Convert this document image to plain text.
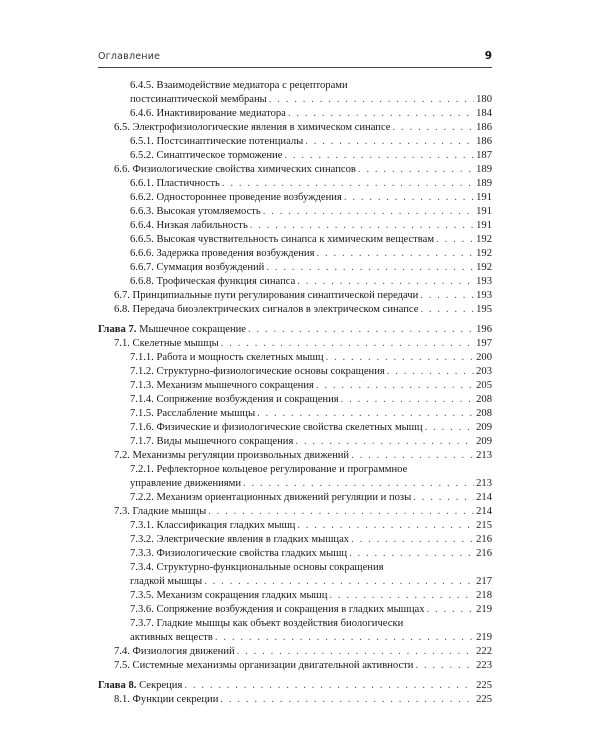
Оглавление	9
6.4.5. Взаимодействие медиатора с рецепторами
постсинаптической мембраны . . .	180
6.4.6. Инактивирование медиатора . . .	184
6.5. Электрофизиологические явления в химическом синапсе . . .	186
6.5.1. Постсинаптические потенциалы . . .	186
6.5.2. Синаптическое торможение . . .	187
6.6. Физиологические свойства химических синапсов . . .	189
6.6.1. Пластичность . . .	189
6.6.2. Одностороннее проведение возбуждения . . .	191
6.6.3. Высокая утомляемость . . .	191
6.6.4. Низкая лабильность . . .	191
6.6.5. Высокая чувствительность синапса к химическим веществам . . .	192
6.6.6. Задержка проведения возбуждения . . .	192
6.6.7. Суммация возбуждений . . .	192
6.6.8. Трофическая функция синапса . . .	193
6.7. Принципиальные пути регулирования синаптической передачи . . .	193
6.8. Передача биоэлектрических сигналов в электрическом синапсе . . .	195
Глава 7. Мышечное сокращение . . .	196
7.1. Скелетные мышцы . . .	197
7.1.1. Работа и мощность скелетных мышц . . .	200
7.1.2. Структурно-физиологические основы сокращения . . .	203
7.1.3. Механизм мышечного сокращения . . .	205
7.1.4. Сопряжение возбуждения и сокращения . . .	208
7.1.5. Расслабление мышцы . . .	208
7.1.6. Физические и физиологические свойства скелетных мышц . . .	209
7.1.7. Виды мышечного сокращения . . .	209
7.2. Механизмы регуляции произвольных движений . . .	213
7.2.1. Рефлекторное кольцевое регулирование и программное
управление движениями . . .	213
7.2.2. Механизм ориентационных движений регуляции и позы . . .	214
7.3. Гладкие мышцы . . .	214
7.3.1. Классификация гладких мышц . . .	215
7.3.2. Электрические явления в гладких мышцах . . .	216
7.3.3. Физиологические свойства гладких мышц . . .	216
7.3.4. Структурно-функциональные основы сокращения
гладкой мышцы . . .	217
7.3.5. Механизм сокращения гладких мышц . . .	218
7.3.6. Сопряжение возбуждения и сокращения в гладких мышцах . . .	219
7.3.7. Гладкие мышцы как объект воздействия биологически
активных веществ . . .	219
7.4. Физиология движений . . .	222
7.5. Системные механизмы организации двигательной активности . . .	223
Глава 8. Секреция . . .	225
8.1. Функции секреции . . .	225
